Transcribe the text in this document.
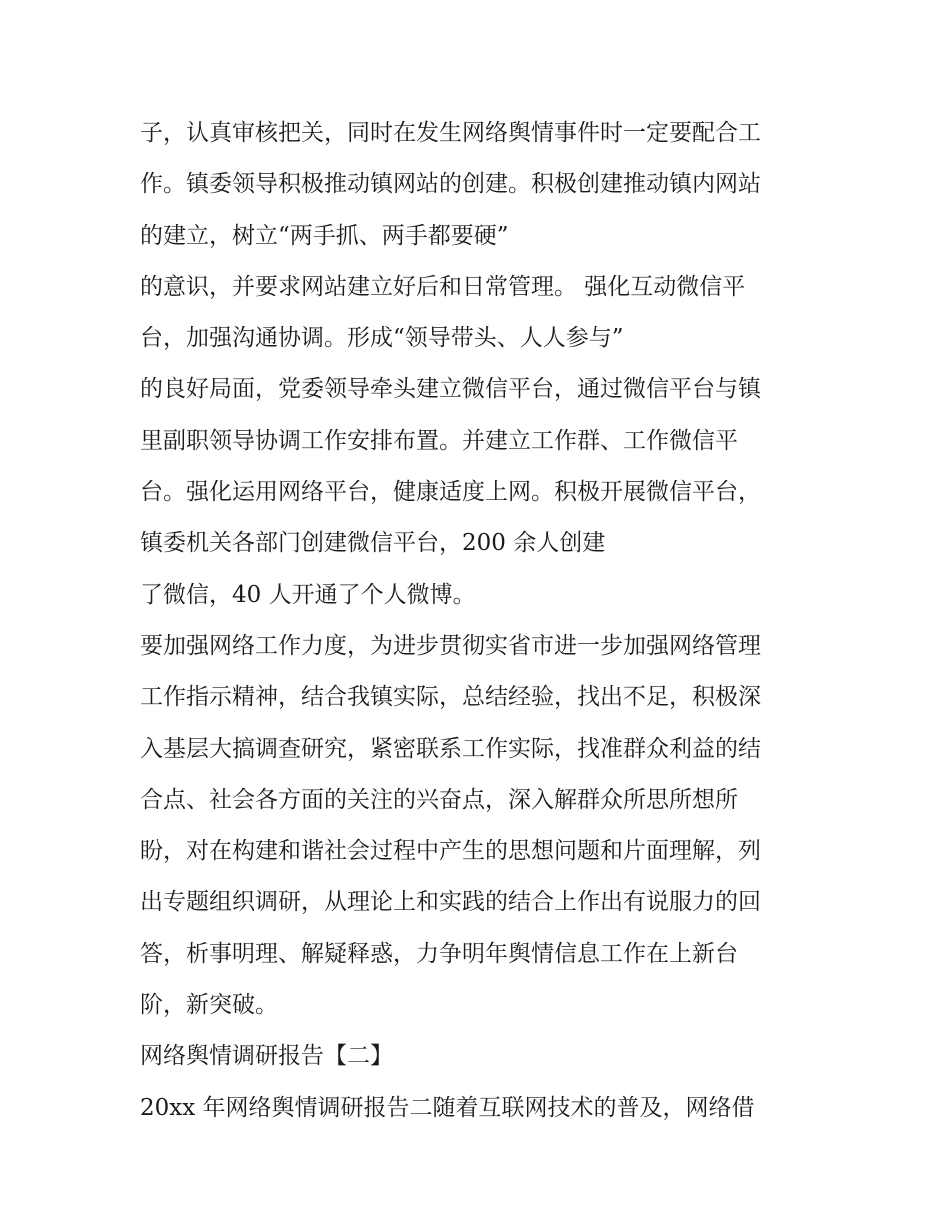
子，认真审核把关，同时在发生网络舆情事件时一定要配合工
作。镇委领导积极推动镇网站的创建。积极创建推动镇内网站
的建立，树立“两手抓、两手都要硬”
的意识，并要求网站建立好后和日常管理。 强化互动微信平
台，加强沟通协调。形成“领导带头、人人参与”
的良好局面，党委领导牵头建立微信平台，通过微信平台与镇
里副职领导协调工作安排布置。并建立工作群、工作微信平
台。强化运用网络平台，健康适度上网。积极开展微信平台，
镇委机关各部门创建微信平台，200 余人创建
了微信，40 人开通了个人微博。
要加强网络工作力度，为进步贯彻实省市进一步加强网络管理
工作指示精神，结合我镇实际，总结经验，找出不足，积极深
入基层大搞调查研究，紧密联系工作实际，找准群众利益的结
合点、社会各方面的关注的兴奋点，深入解群众所思所想所
盼，对在构建和谐社会过程中产生的思想问题和片面理解，列
出专题组织调研，从理论上和实践的结合上作出有说服力的回
答，析事明理、解疑释惑，力争明年舆情信息工作在上新台
阶，新突破。
网络舆情调研报告【二】
20xx 年网络舆情调研报告二随着互联网技术的普及，网络借
